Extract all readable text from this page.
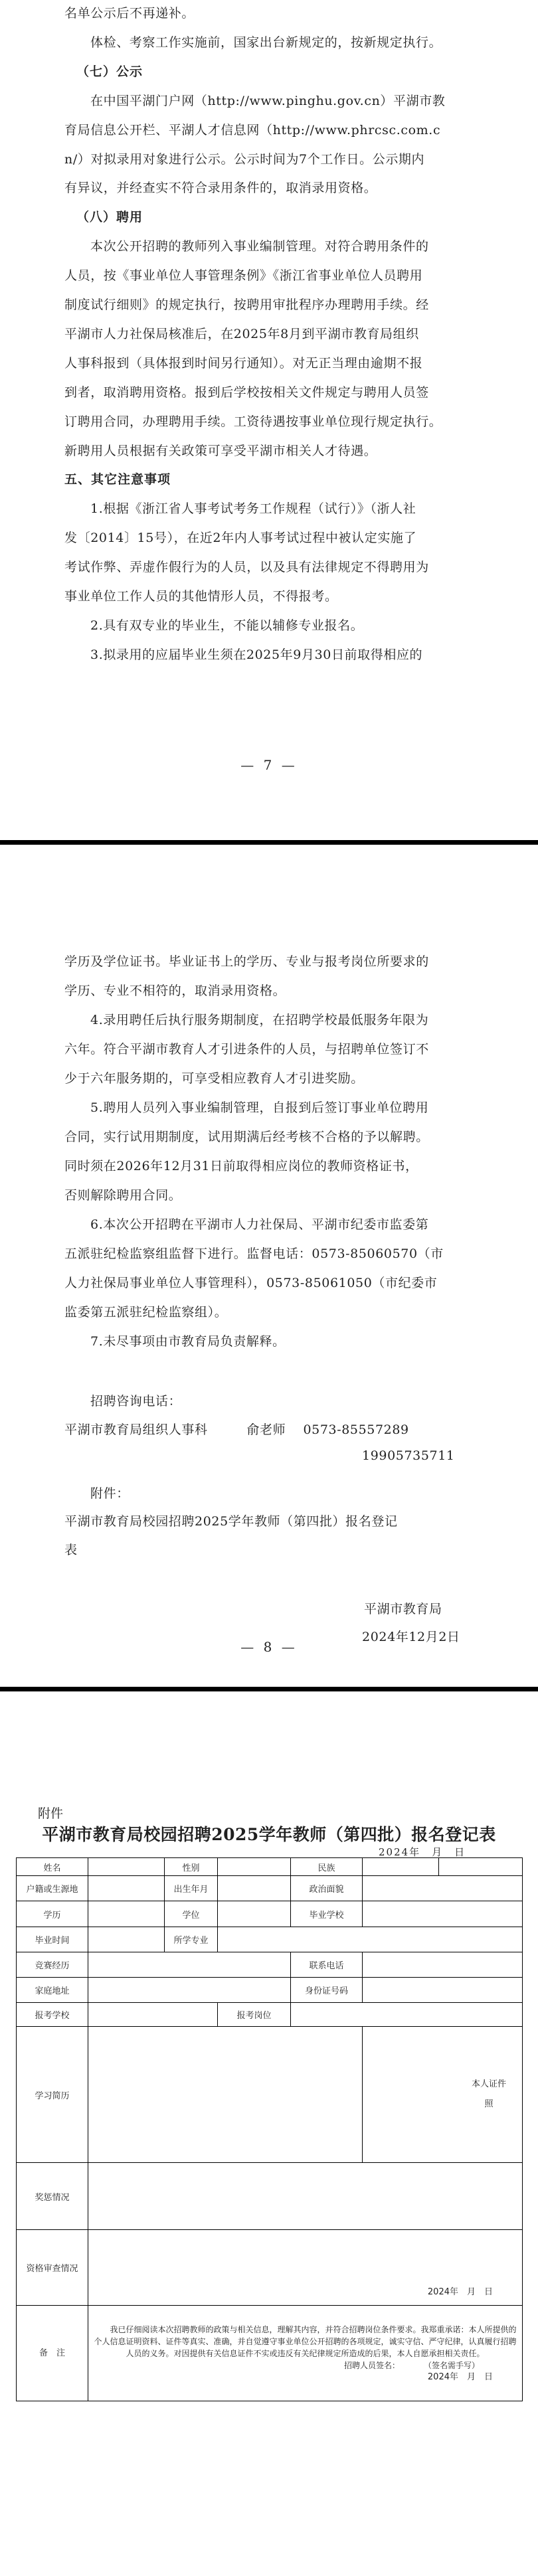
名单公示后不再递补。

体检、考察工作实施前，国家出台新规定的，按新规定执行。

（七）公示

在中国平湖门户网（http://www.pinghu.gov.cn）平湖市教

育局信息公开栏、平湖人才信息网（http://www.phrcsc.com.c

n/）对拟录用对象进行公示。公示时间为7个工作日。公示期内

有异议，并经查实不符合录用条件的，取消录用资格。

（八）聘用

本次公开招聘的教师列入事业编制管理。对符合聘用条件的

人员，按《事业单位人事管理条例》《浙江省事业单位人员聘用

制度试行细则》的规定执行，按聘用审批程序办理聘用手续。经

平湖市人力社保局核准后，在2025年8月到平湖市教育局组织

人事科报到（具体报到时间另行通知）。对无正当理由逾期不报

到者，取消聘用资格。报到后学校按相关文件规定与聘用人员签

订聘用合同，办理聘用手续。工资待遇按事业单位现行规定执行。

新聘用人员根据有关政策可享受平湖市相关人才待遇。

五、其它注意事项

1.根据《浙江省人事考试考务工作规程（试行）》（浙人社

发〔2014〕15号），在近2年内人事考试过程中被认定实施了

考试作弊、弄虚作假行为的人员，以及具有法律规定不得聘用为

事业单位工作人员的其他情形人员，不得报考。

2.具有双专业的毕业生，不能以辅修专业报名。

3.拟录用的应届毕业生须在2025年9月30日前取得相应的

— 7 —

学历及学位证书。毕业证书上的学历、专业与报考岗位所要求的

学历、专业不相符的，取消录用资格。

4.录用聘任后执行服务期制度，在招聘学校最低服务年限为

六年。符合平湖市教育人才引进条件的人员，与招聘单位签订不

少于六年服务期的，可享受相应教育人才引进奖励。

5.聘用人员列入事业编制管理，自报到后签订事业单位聘用

合同，实行试用期制度，试用期满后经考核不合格的予以解聘。

同时须在2026年12月31日前取得相应岗位的教师资格证书，

否则解除聘用合同。

6.本次公开招聘在平湖市人力社保局、平湖市纪委市监委第

五派驻纪检监察组监督下进行。监督电话：0573-85060570（市

人力社保局事业单位人事管理科），0573-85061050（市纪委市

监委第五派驻纪检监察组）。

7.未尽事项由市教育局负责解释。

招聘咨询电话：

平湖市教育局组织人事科　　　俞老师　 0573-85557289

19905735711

附件：

平湖市教育局校园招聘2025学年教师（第四批）报名登记

表

平湖市教育局

2024年12月2日

— 8 —
附件
平湖市教育局校园招聘2025学年教师（第四批）报名登记表
2024年　月　日
姓名		性别		民族		
户籍或生源地		出生年月		政治面貌		
学历		学位		毕业学校		
毕业时间		所学专业				
竞赛经历				联系电话		
家庭地址				身份证号码		
报考学校			报考岗位			
学习简历					本人证件照	
奖惩情况						
资格审查情况	2024年　月　日					

备　注	我已仔细阅读本次招聘教师的政策与相关信息，理解其内容，并符合招聘岗位条件要求。我郑重承诺：本人所提供的个人信息证明资料、证件等真实、准确，并自觉遵守事业单位公开招聘的各项规定，诚实守信、严守纪律，认真履行招聘人员的义务。对因提供有关信息证件不实或违反有关纪律规定所造成的后果，本人自愿承担相关责任。
招聘人员签名：　　　　（签名需手写）
2024年　月　日					
